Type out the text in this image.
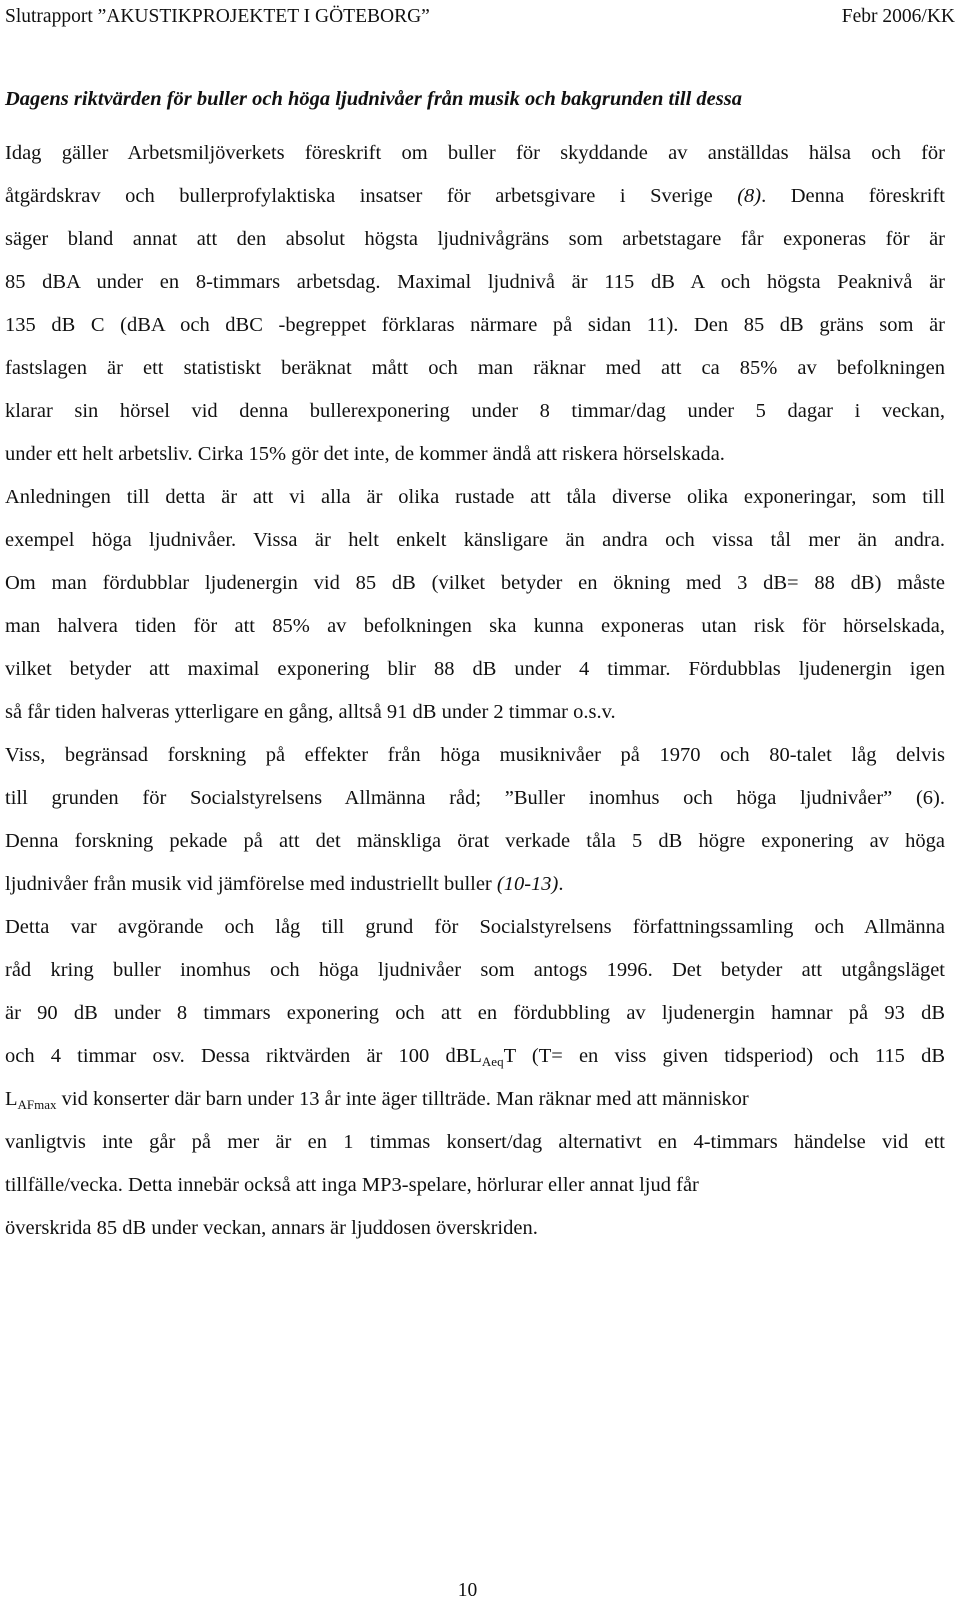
Slutrapport ”AKUSTIKPROJEKTET I GÖTEBORG”	Febr 2006/KK
Dagens riktvärden för buller och höga ljudnivåer från musik och bakgrunden till dessa
Idag gäller Arbetsmiljöverkets föreskrift om buller för skyddande av anställdas hälsa och för
åtgärdskrav och bullerprofylaktiska insatser för arbetsgivare i Sverige (8). Denna föreskrift
säger bland annat att den absolut högsta ljudnivågräns som arbetstagare får exponeras för är
85 dBA under en 8-timmars arbetsdag. Maximal ljudnivå är 115 dB A och högsta Peaknivå är
135 dB C (dBA och dBC -begreppet förklaras närmare på sidan 11). Den 85 dB gräns som är
fastslagen är ett statistiskt beräknat mått och man räknar med att ca 85% av befolkningen
klarar sin hörsel vid denna bullerexponering under 8 timmar/dag under 5 dagar i veckan,
under ett helt arbetsliv. Cirka 15% gör det inte, de kommer ändå att riskera hörselskada.
Anledningen till detta är att vi alla är olika rustade att tåla diverse olika exponeringar, som till
exempel höga ljudnivåer. Vissa är helt enkelt känsligare än andra och vissa tål mer än andra.
Om man fördubblar ljudenergin vid 85 dB (vilket betyder en ökning med 3 dB= 88 dB) måste
man halvera tiden för att 85% av befolkningen ska kunna exponeras utan risk för hörselskada,
vilket betyder att maximal exponering blir 88 dB under 4 timmar. Fördubblas ljudenergin igen
så får tiden halveras ytterligare en gång, alltså 91 dB under 2 timmar o.s.v.
Viss, begränsad forskning på effekter från höga musiknivåer på 1970 och 80-talet låg delvis
till grunden för Socialstyrelsens Allmänna råd; ”Buller inomhus och höga ljudnivåer” (6).
Denna forskning pekade på att det mänskliga örat verkade tåla 5 dB högre exponering av höga
ljudnivåer från musik vid jämförelse med industriellt buller (10-13).
Detta var avgörande och låg till grund för Socialstyrelsens författningssamling och Allmänna
råd kring buller inomhus och höga ljudnivåer som antogs 1996. Det betyder att utgångsläget
är 90 dB under 8 timmars exponering och att en fördubbling av ljudenergin hamnar på 93 dB
och 4 timmar osv. Dessa riktvärden är 100 dBL$_{Aeq}$T (T= en viss given tidsperiod) och 115 dB
$L_{AFmax}$ vid konserter där barn under 13 år inte äger tillträde. Man räknar med att människor
vanligtvis inte går på mer är en 1 timmas konsert/dag alternativt en 4-timmars händelse vid ett
tillfälle/vecka. Detta innebär också att inga MP3-spelare, hörlurar eller annat ljud får
överskrida 85 dB under veckan, annars är ljuddosen överskriden.
10
